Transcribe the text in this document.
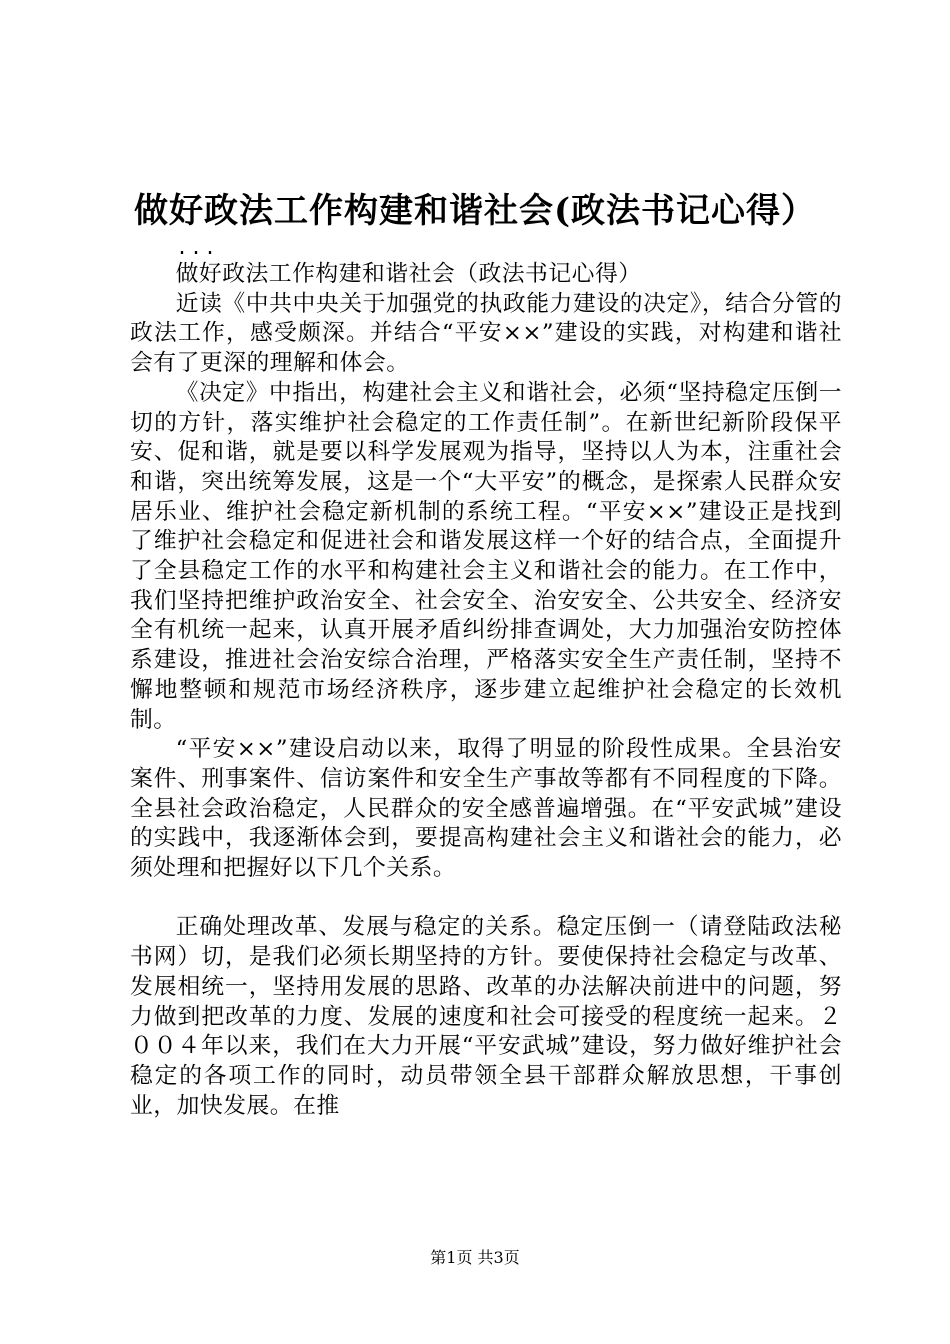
做好政法工作构建和谐社会(政法书记心得）
...

做好政法工作构建和谐社会（政法书记心得）

近读《中共中央关于加强党的执政能力建设的决定》，结合分管的政法工作，感受颇深。并结合“平安××”建设的实践，对构建和谐社会有了更深的理解和体会。

《决定》中指出，构建社会主义和谐社会，必须“坚持稳定压倒一切的方针，落实维护社会稳定的工作责任制”。在新世纪新阶段保平安、促和谐，就是要以科学发展观为指导，坚持以人为本，注重社会和谐，突出统筹发展，这是一个“大平安”的概念，是探索人民群众安居乐业、维护社会稳定新机制的系统工程。“平安××”建设正是找到了维护社会稳定和促进社会和谐发展这样一个好的结合点，全面提升了全县稳定工作的水平和构建社会主义和谐社会的能力。在工作中，我们坚持把维护政治安全、社会安全、治安安全、公共安全、经济安全有机统一起来，认真开展矛盾纠纷排查调处，大力加强治安防控体系建设，推进社会治安综合治理，严格落实安全生产责任制，坚持不懈地整顿和规范市场经济秩序，逐步建立起维护社会稳定的长效机制。

“平安××”建设启动以来，取得了明显的阶段性成果。全县治安案件、刑事案件、信访案件和安全生产事故等都有不同程度的下降。全县社会政治稳定，人民群众的安全感普遍增强。在“平安武城”建设的实践中，我逐渐体会到，要提高构建社会主义和谐社会的能力，必须处理和把握好以下几个关系。

正确处理改革、发展与稳定的关系。稳定压倒一（请登陆政法秘书网）切，是我们必须长期坚持的方针。要使保持社会稳定与改革、发展相统一，坚持用发展的思路、改革的办法解决前进中的问题，努力做到把改革的力度、发展的速度和社会可接受的程度统一起来。２００４年以来，我们在大力开展“平安武城”建设，努力做好维护社会稳定的各项工作的同时，动员带领全县干部群众解放思想，干事创业，加快发展。在推

第1页 共3页
